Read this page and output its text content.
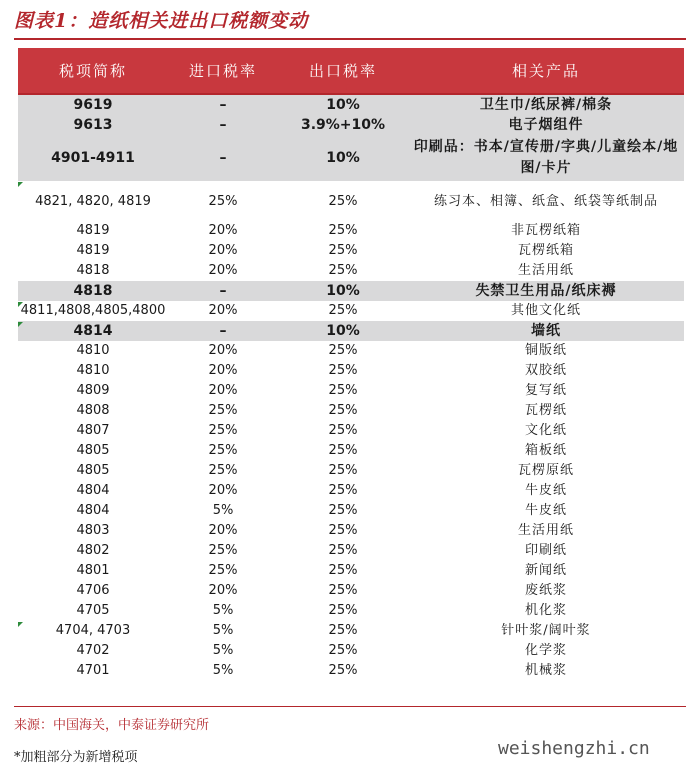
图表1：造纸相关进出口税额变动
税项简称	进口税率	出口税率	相关产品
9619	–	10%	卫生巾/纸尿裤/棉条
9613	–	3.9%+10%	电子烟组件
4901-4911	–	10%	印刷品：书本/宣传册/字典/儿童绘本/地图/卡片
4821, 4820, 4819	25%	25%	练习本、相簿、纸盒、纸袋等纸制品
4819	20%	25%	非瓦楞纸箱
4819	20%	25%	瓦楞纸箱
4818	20%	25%	生活用纸
4818	–	10%	失禁卫生用品/纸床褥
4811,4808,4805,4800	20%	25%	其他文化纸
4814	–	10%	墙纸
4810	20%	25%	铜版纸
4810	20%	25%	双胶纸
4809	20%	25%	复写纸
4808	25%	25%	瓦楞纸
4807	25%	25%	文化纸
4805	25%	25%	箱板纸
4805	25%	25%	瓦楞原纸
4804	20%	25%	牛皮纸
4804	5%	25%	牛皮纸
4803	20%	25%	生活用纸
4802	25%	25%	印刷纸
4801	25%	25%	新闻纸
4706	20%	25%	废纸浆
4705	5%	25%	机化浆
4704, 4703	5%	25%	针叶浆/阔叶浆
4702	5%	25%	化学浆
4701	5%	25%	机械浆
来源：中国海关，中泰证券研究所
*加粗部分为新增税项	weishengzhi.cn
